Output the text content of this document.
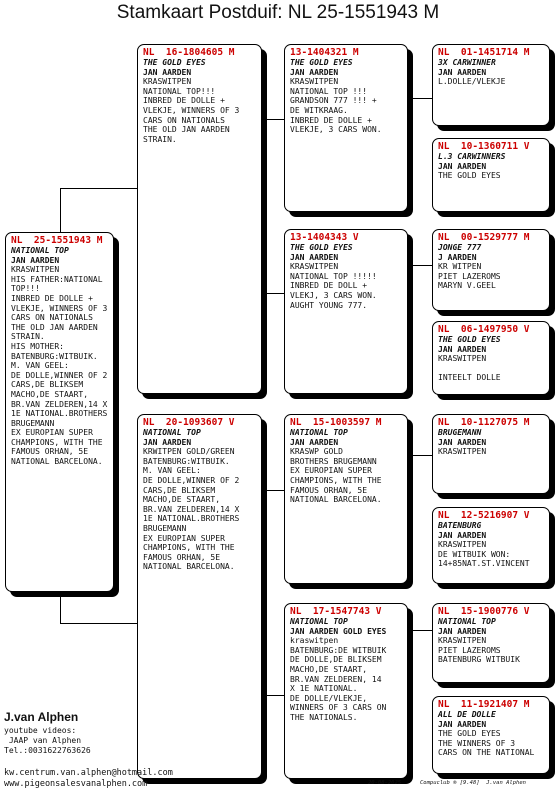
Stamkaart Postduif: NL 25-1551943 M
NL  25-1551943 M
NATIONAL TOP
JAN AARDEN
KRASWITPEN
HIS FATHER:NATIONAL
TOP!!!
INBRED DE DOLLE +
VLEKJE, WINNERS OF 3
CARS ON NATIONALS
THE OLD JAN AARDEN
STRAIN.
HIS MOTHER:
BATENBURG:WITBUIK.
M. VAN GEEL:
DE DOLLE,WINNER OF 2
CARS,DE BLIKSEM
MACHO,DE STAART,
BR.VAN ZELDEREN,14 X
1E NATIONAL.BROTHERS
BRUGEMANN
EX EUROPIAN SUPER
CHAMPIONS, WITH THE
FAMOUS ORHAN, 5E
NATIONAL BARCELONA.
NL  16-1804605 M
THE GOLD EYES
JAN AARDEN
KRASWITPEN
NATIONAL TOP!!!
INBRED DE DOLLE +
VLEKJE, WINNERS OF 3
CARS ON NATIONALS
THE OLD JAN AARDEN
STRAIN.
NL  20-1093607 V
NATIONAL TOP
JAN AARDEN
KRWITPEN GOLD/GREEN
BATENBURG:WITBUIK.
M. VAN GEEL:
DE DOLLE,WINNER OF 2
CARS,DE BLIKSEM
MACHO,DE STAART,
BR.VAN ZELDEREN,14 X
1E NATIONAL.BROTHERS
BRUGEMANN
EX EUROPIAN SUPER
CHAMPIONS, WITH THE
FAMOUS ORHAN, 5E
NATIONAL BARCELONA.
13-1404321 M
THE GOLD EYES
JAN AARDEN
KRASWITPEN
NATIONAL TOP !!!
GRANDSON 777 !!! +
DE WITKRAAG.
INBRED DE DOLLE +
VLEKJE, 3 CARS WON.
13-1404343 V
THE GOLD EYES
JAN AARDEN
KRASWITPEN
NATIONAL TOP !!!!!
INBRED DE DOLL +
VLEKJ, 3 CARS WON.
AUGHT YOUNG 777.
NL  15-1003597 M
NATIONAL TOP
JAN AARDEN
KRASWP GOLD
BROTHERS BRUGEMANN
EX EUROPIAN SUPER
CHAMPIONS, WITH THE
FAMOUS ORHAN, 5E
NATIONAL BARCELONA.
NL  17-1547743 V
NATIONAL TOP
JAN AARDEN GOLD EYES
kraswitpen
BATENBURG:DE WITBUIK
DE DOLLE,DE BLIKSEM
MACHO,DE STAART,
BR.VAN ZELDEREN, 14
X 1E NATIONAL.
DE DOLLE/VLEKJE,
WINNERS OF 3 CARS ON
THE NATIONALS.
NL  01-1451714 M
3X CARWINNER
JAN AARDEN
L.DOLLE/VLEKJE
NL  10-1360711 V
L.3 CARWINNERS
JAN AARDEN
THE GOLD EYES
NL  00-1529777 M
JONGE 777
J AARDEN
KR WITPEN
PIET LAZEROMS
MARYN V.GEEL
NL  06-1497950 V
THE GOLD EYES
JAN AARDEN
KRASWITPEN
INTEELT DOLLE
NL  10-1127075 M
BRUGEMANN
JAN AARDEN
KRASWITPEN
NL  12-5216907 V
BATENBURG
JAN AARDEN
KRASWITPEN
DE WITBUIK WON:
14+85NAT.ST.VINCENT
NL  15-1900776 V
NATIONAL TOP
JAN AARDEN
KRASWITPEN
PIET LAZEROMS
BATENBURG WITBUIK
NL  11-1921407 M
ALL DE DOLLE
JAN AARDEN
THE GOLD EYES
THE WINNERS OF 3
CARS ON THE NATIONAL
J.van Alphen
youtube videos:
JAAP van Alphen
Tel.:0031622763626
kw.centrum.van.alphen@hotmail.com
www.pigeonsalesvanalphen.com	20-08-2025	Compuclub ® [9.48]  J.van Alphen
